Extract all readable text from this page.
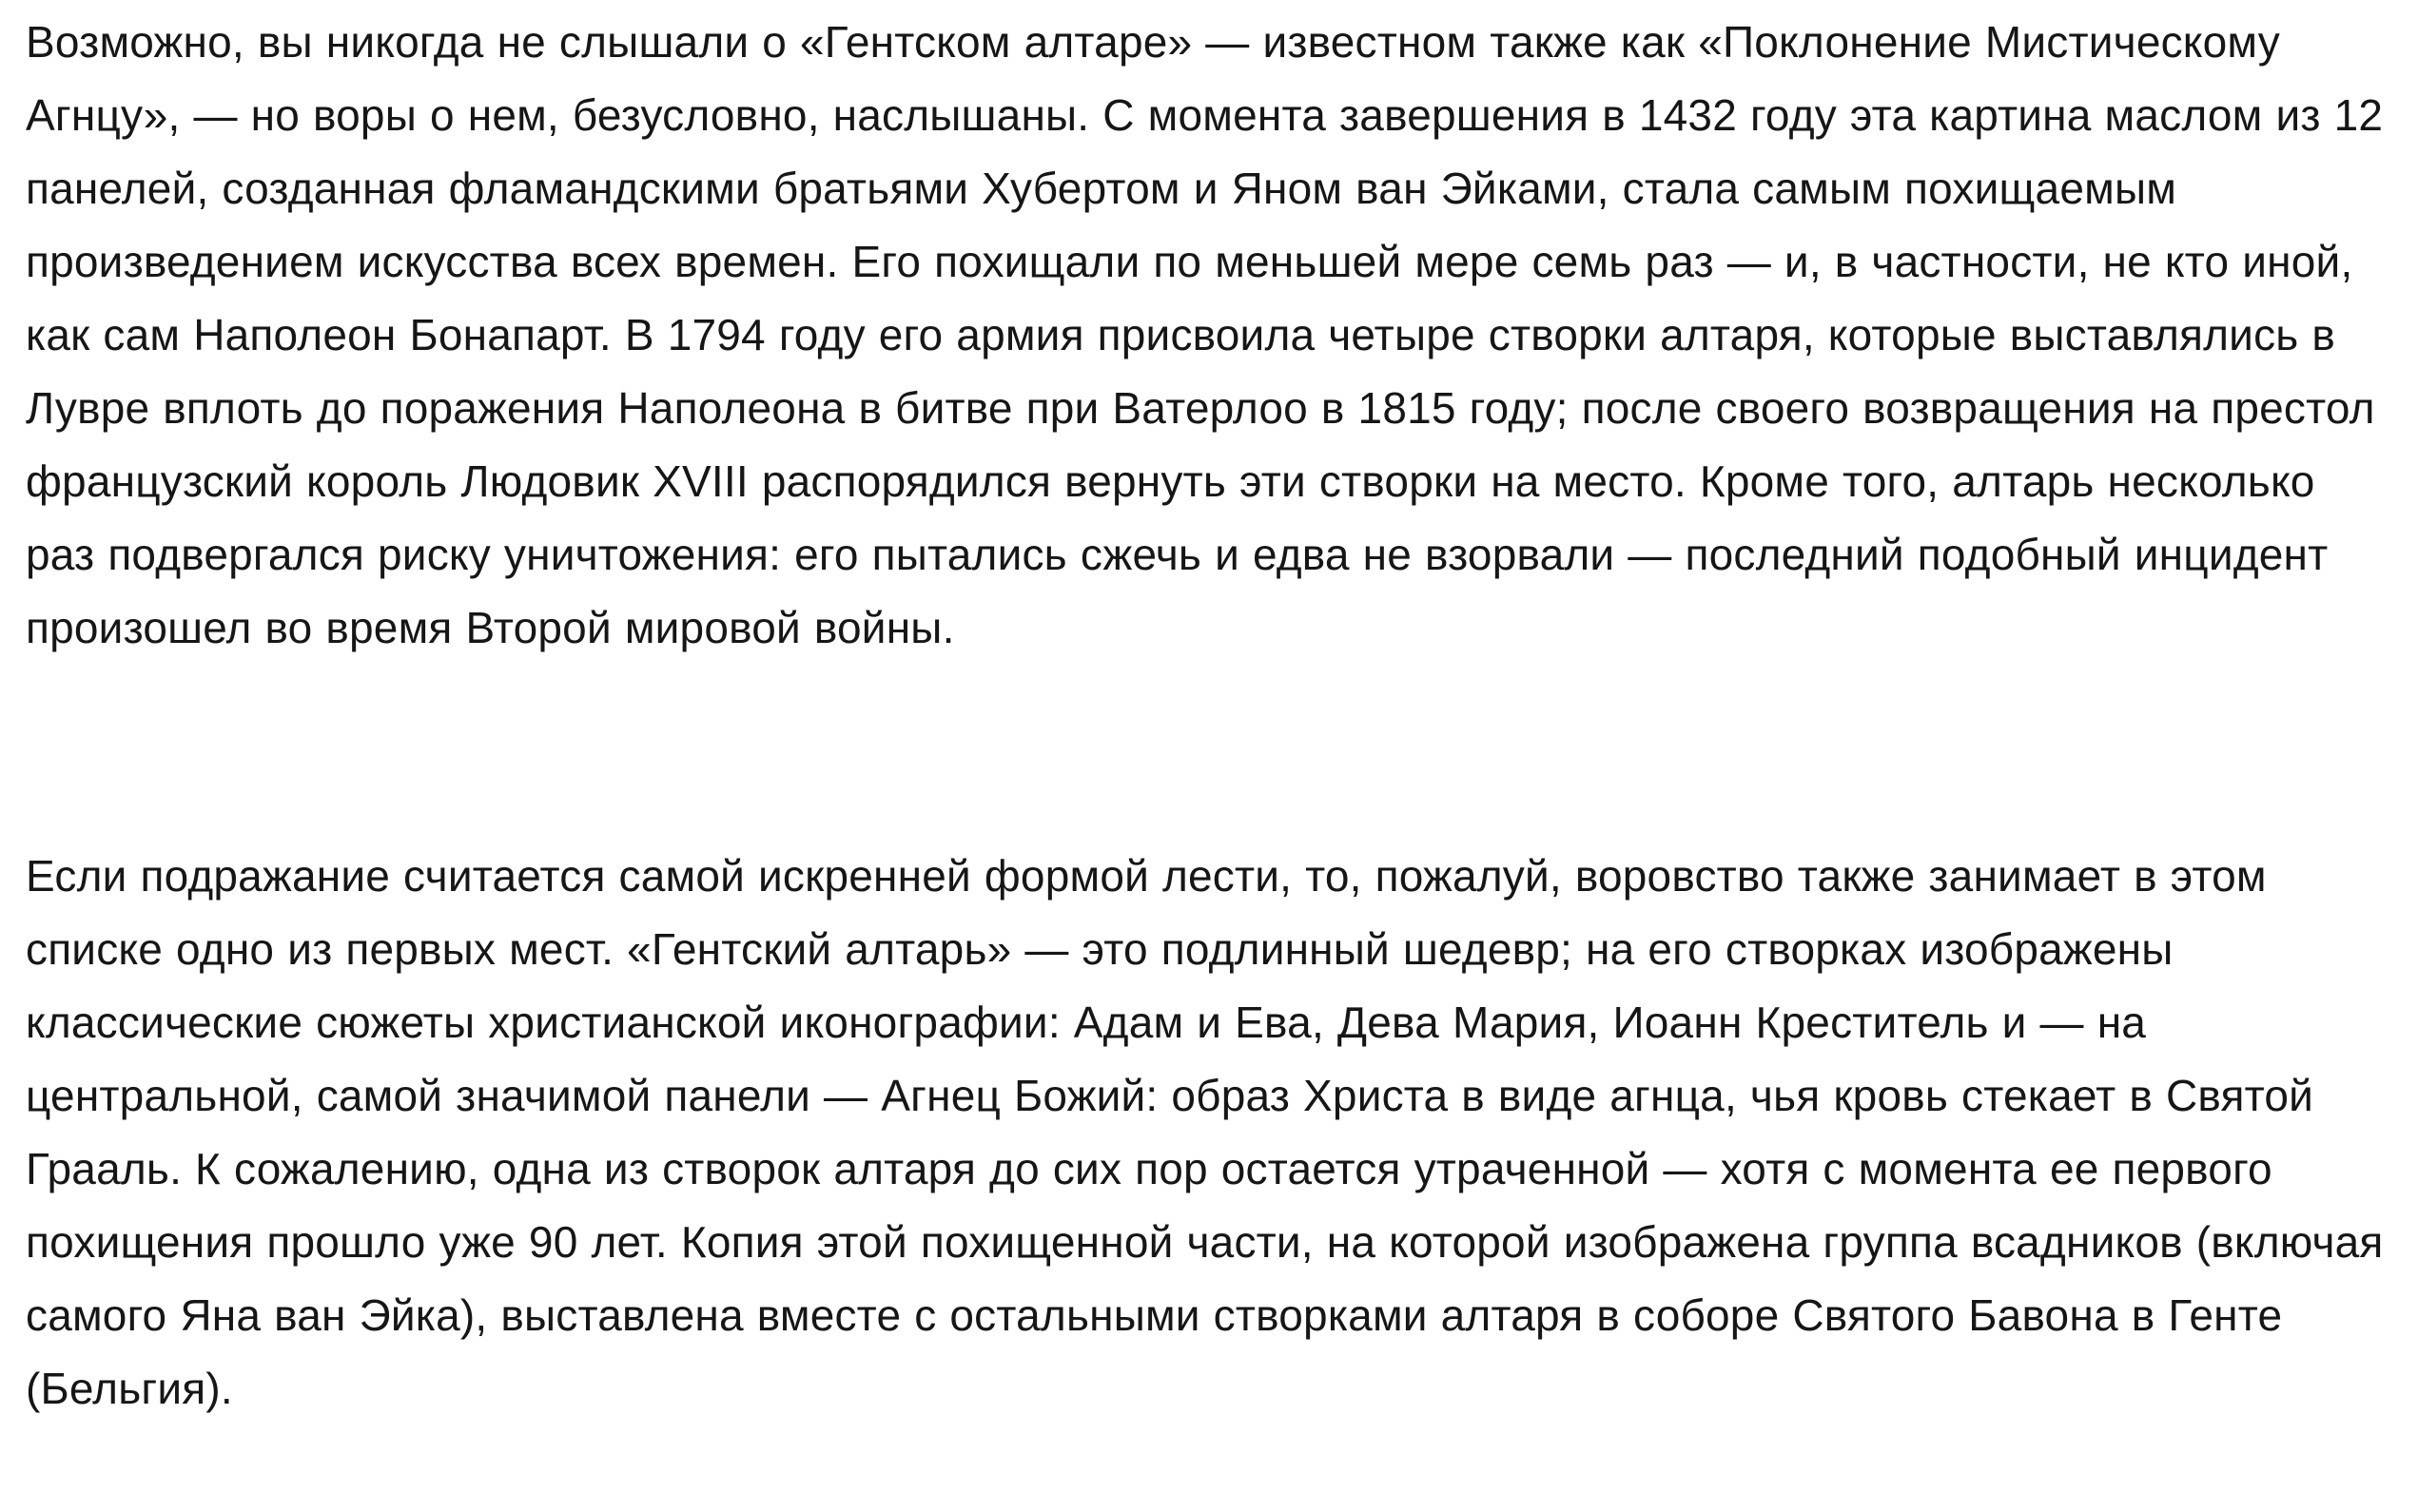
Возможно, вы никогда не слышали о «Гентском алтаре» — известном также как «Поклонение Мистическому Агнцу», — но воры о нем, безусловно, наслышаны. С момента завершения в 1432 году эта картина маслом из 12 панелей, созданная фламандскими братьями Хубертом и Яном ван Эйками, стала самым похищаемым произведением искусства всех времен. Его похищали по меньшей мере семь раз — и, в частности, не кто иной, как сам Наполеон Бонапарт. В 1794 году его армия присвоила четыре створки алтаря, которые выставлялись в Лувре вплоть до поражения Наполеона в битве при Ватерлоо в 1815 году; после своего возвращения на престол французский король Людовик XVIII распорядился вернуть эти створки на место. Кроме того, алтарь несколько раз подвергался риску уничтожения: его пытались сжечь и едва не взорвали — последний подобный инцидент произошел во время Второй мировой войны.

Если подражание считается самой искренней формой лести, то, пожалуй, воровство также занимает в этом списке одно из первых мест. «Гентский алтарь» — это подлинный шедевр; на его створках изображены классические сюжеты христианской иконографии: Адам и Ева, Дева Мария, Иоанн Креститель и — на центральной, самой значимой панели — Агнец Божий: образ Христа в виде агнца, чья кровь стекает в Святой Грааль. К сожалению, одна из створок алтаря до сих пор остается утраченной — хотя с момента ее первого похищения прошло уже 90 лет. Копия этой похищенной части, на которой изображена группа всадников (включая самого Яна ван Эйка), выставлена вместе с остальными створками алтаря в соборе Святого Бавона в Генте (Бельгия).
